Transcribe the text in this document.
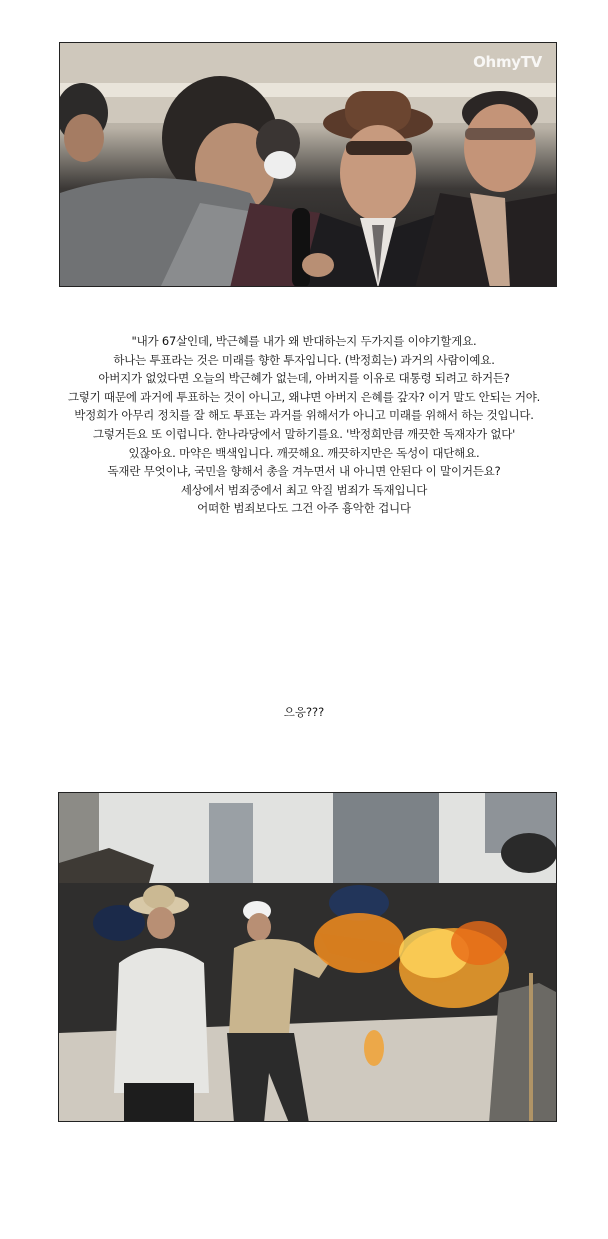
OhmyTV
"내가 67살인데, 박근혜를 내가 왜 반대하는지 두가지를 이야기할게요.
하나는 투표라는 것은 미래를 향한 투자입니다. (박정희는) 과거의 사람이예요.
아버지가 없었다면 오늘의 박근혜가 없는데, 아버지를 이유로 대통령 되려고 하거든?
그렇기 때문에 과거에 투표하는 것이 아니고, 왜냐면 아버지 은혜를 갚자? 이거 말도 안되는 거야.
박정희가 아무리 정치를 잘 해도 투표는 과거를 위해서가 아니고 미래를 위해서 하는 것입니다.
그렇거든요 또 이럽니다. 한나라당에서 말하기를요. '박정희만큼 깨끗한 독재자가 없다'
있잖아요. 마약은 백색입니다. 깨끗해요. 깨끗하지만은 독성이 대단해요.
독재란 무엇이냐, 국민을 향해서 총을 겨누면서 내 아니면 안된다 이 말이거든요?
세상에서 범죄중에서 최고 악질 범죄가 독재입니다
어떠한 범죄보다도 그건 아주 흉악한 겁니다
으응???
